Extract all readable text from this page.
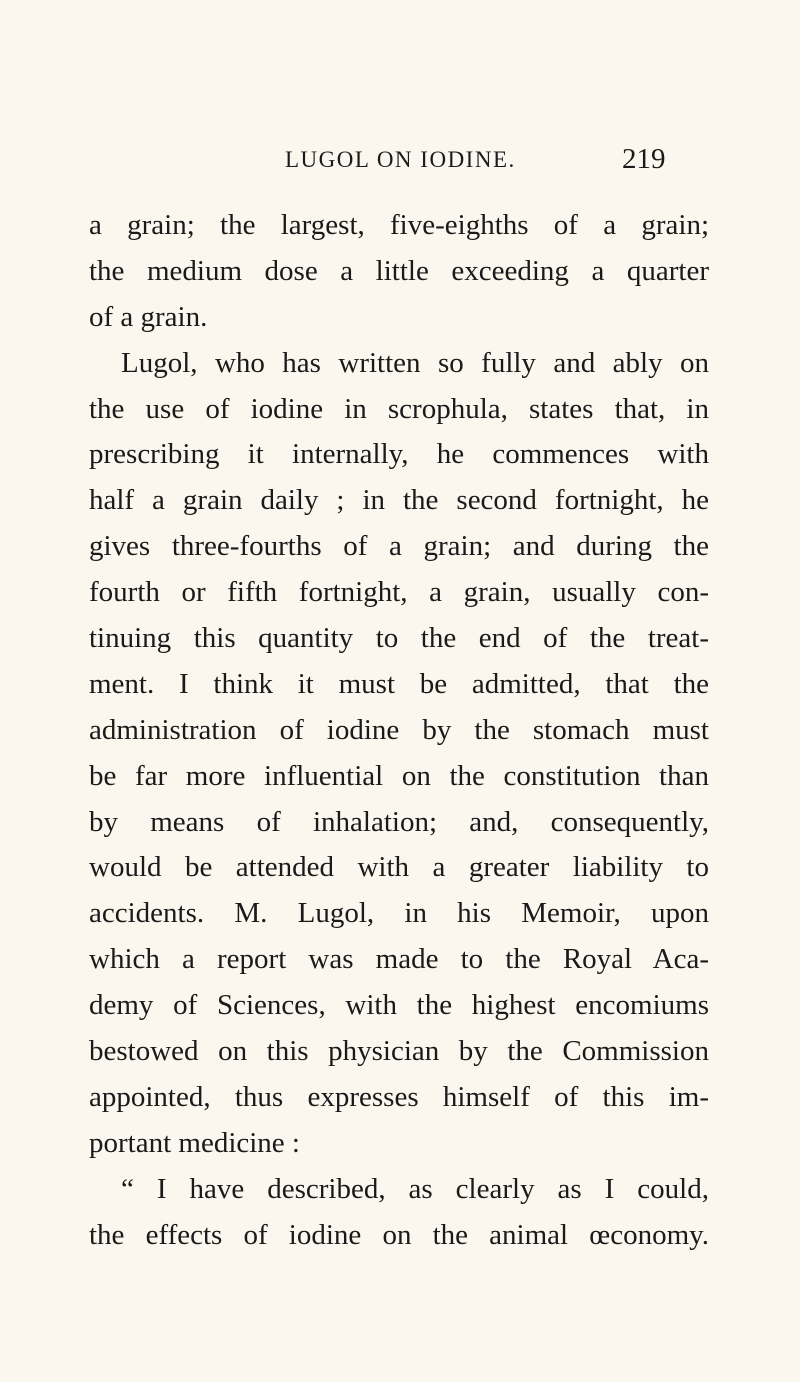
LUGOL ON IODINE.	219
a grain; the largest, five-eighths of a grain;
the medium dose a little exceeding a quarter
of a grain.
Lugol, who has written so fully and ably on
the use of iodine in scrophula, states that, in
prescribing it internally, he commences with
half a grain daily ; in the second fortnight, he
gives three-fourths of a grain; and during the
fourth or fifth fortnight, a grain, usually con-
tinuing this quantity to the end of the treat-
ment. I think it must be admitted, that the
administration of iodine by the stomach must
be far more influential on the constitution than
by means of inhalation; and, consequently,
would be attended with a greater liability to
accidents. M. Lugol, in his Memoir, upon
which a report was made to the Royal Aca-
demy of Sciences, with the highest encomiums
bestowed on this physician by the Commission
appointed, thus expresses himself of this im-
portant medicine :
“ I have described, as clearly as I could,
the effects of iodine on the animal œconomy.
